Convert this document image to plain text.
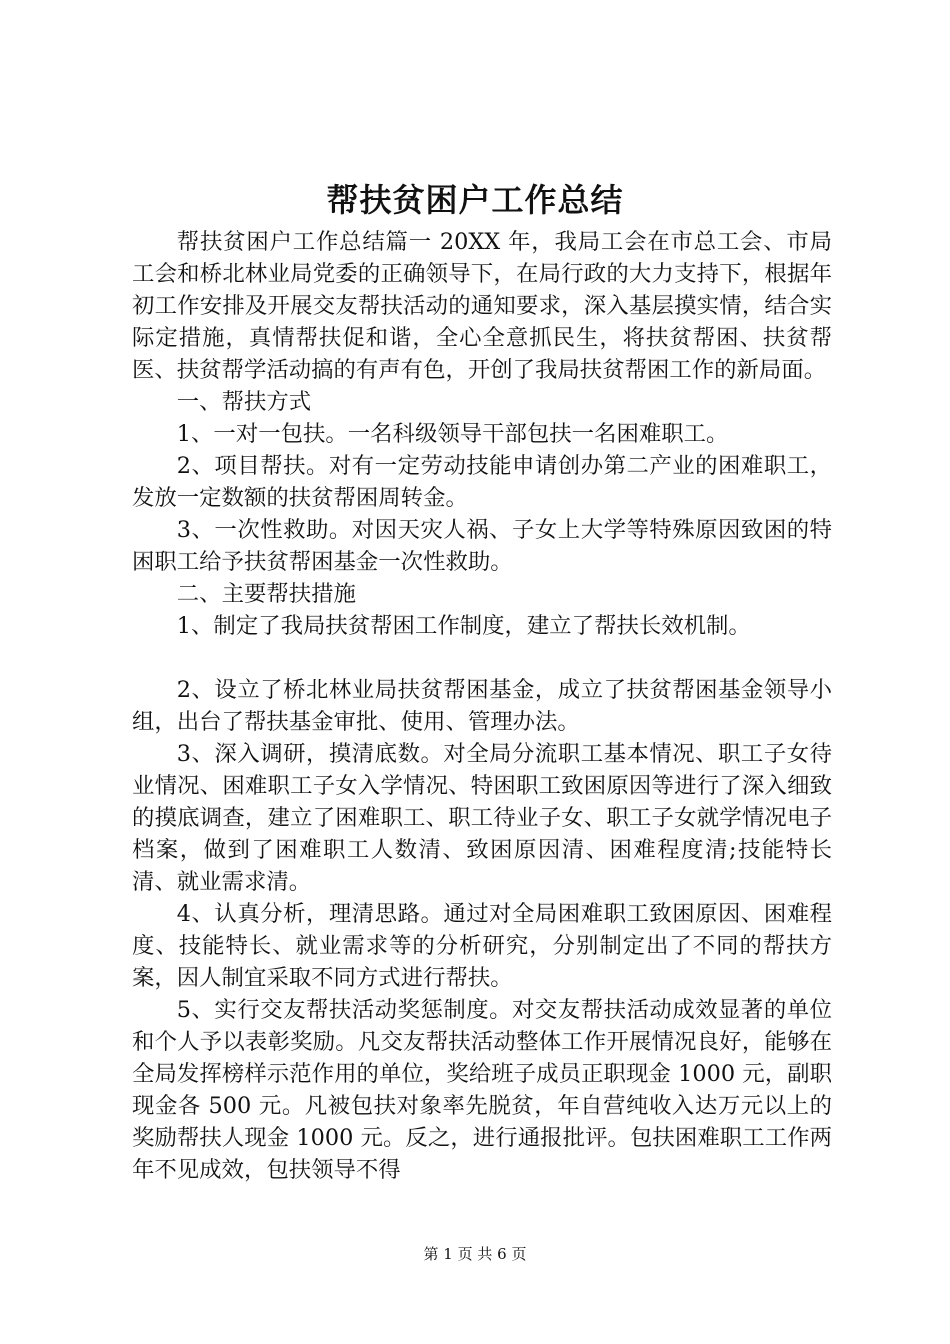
帮扶贫困户工作总结

帮扶贫困户工作总结篇一 20XX 年，我局工会在市总工会、市局工会和桥北林业局党委的正确领导下，在局行政的大力支持下，根据年初工作安排及开展交友帮扶活动的通知要求，深入基层摸实情，结合实际定措施，真情帮扶促和谐，全心全意抓民生，将扶贫帮困、扶贫帮医、扶贫帮学活动搞的有声有色，开创了我局扶贫帮困工作的新局面。

一、帮扶方式

1、一对一包扶。一名科级领导干部包扶一名困难职工。

2、项目帮扶。对有一定劳动技能申请创办第二产业的困难职工，发放一定数额的扶贫帮困周转金。

3、一次性救助。对因天灾人祸、子女上大学等特殊原因致困的特困职工给予扶贫帮困基金一次性救助。

二、主要帮扶措施

1、制定了我局扶贫帮困工作制度，建立了帮扶长效机制。

2、设立了桥北林业局扶贫帮困基金，成立了扶贫帮困基金领导小组，出台了帮扶基金审批、使用、管理办法。

3、深入调研，摸清底数。对全局分流职工基本情况、职工子女待业情况、困难职工子女入学情况、特困职工致困原因等进行了深入细致的摸底调查，建立了困难职工、职工待业子女、职工子女就学情况电子档案，做到了困难职工人数清、致困原因清、困难程度清;技能特长清、就业需求清。

4、认真分析，理清思路。通过对全局困难职工致困原因、困难程度、技能特长、就业需求等的分析研究，分别制定出了不同的帮扶方案，因人制宜采取不同方式进行帮扶。

5、实行交友帮扶活动奖惩制度。对交友帮扶活动成效显著的单位和个人予以表彰奖励。凡交友帮扶活动整体工作开展情况良好，能够在全局发挥榜样示范作用的单位，奖给班子成员正职现金 1000 元，副职现金各 500 元。凡被包扶对象率先脱贫，年自营纯收入达万元以上的奖励帮扶人现金 1000 元。反之，进行通报批评。包扶困难职工工作两年不见成效，包扶领导不得

第 1 页 共 6 页
